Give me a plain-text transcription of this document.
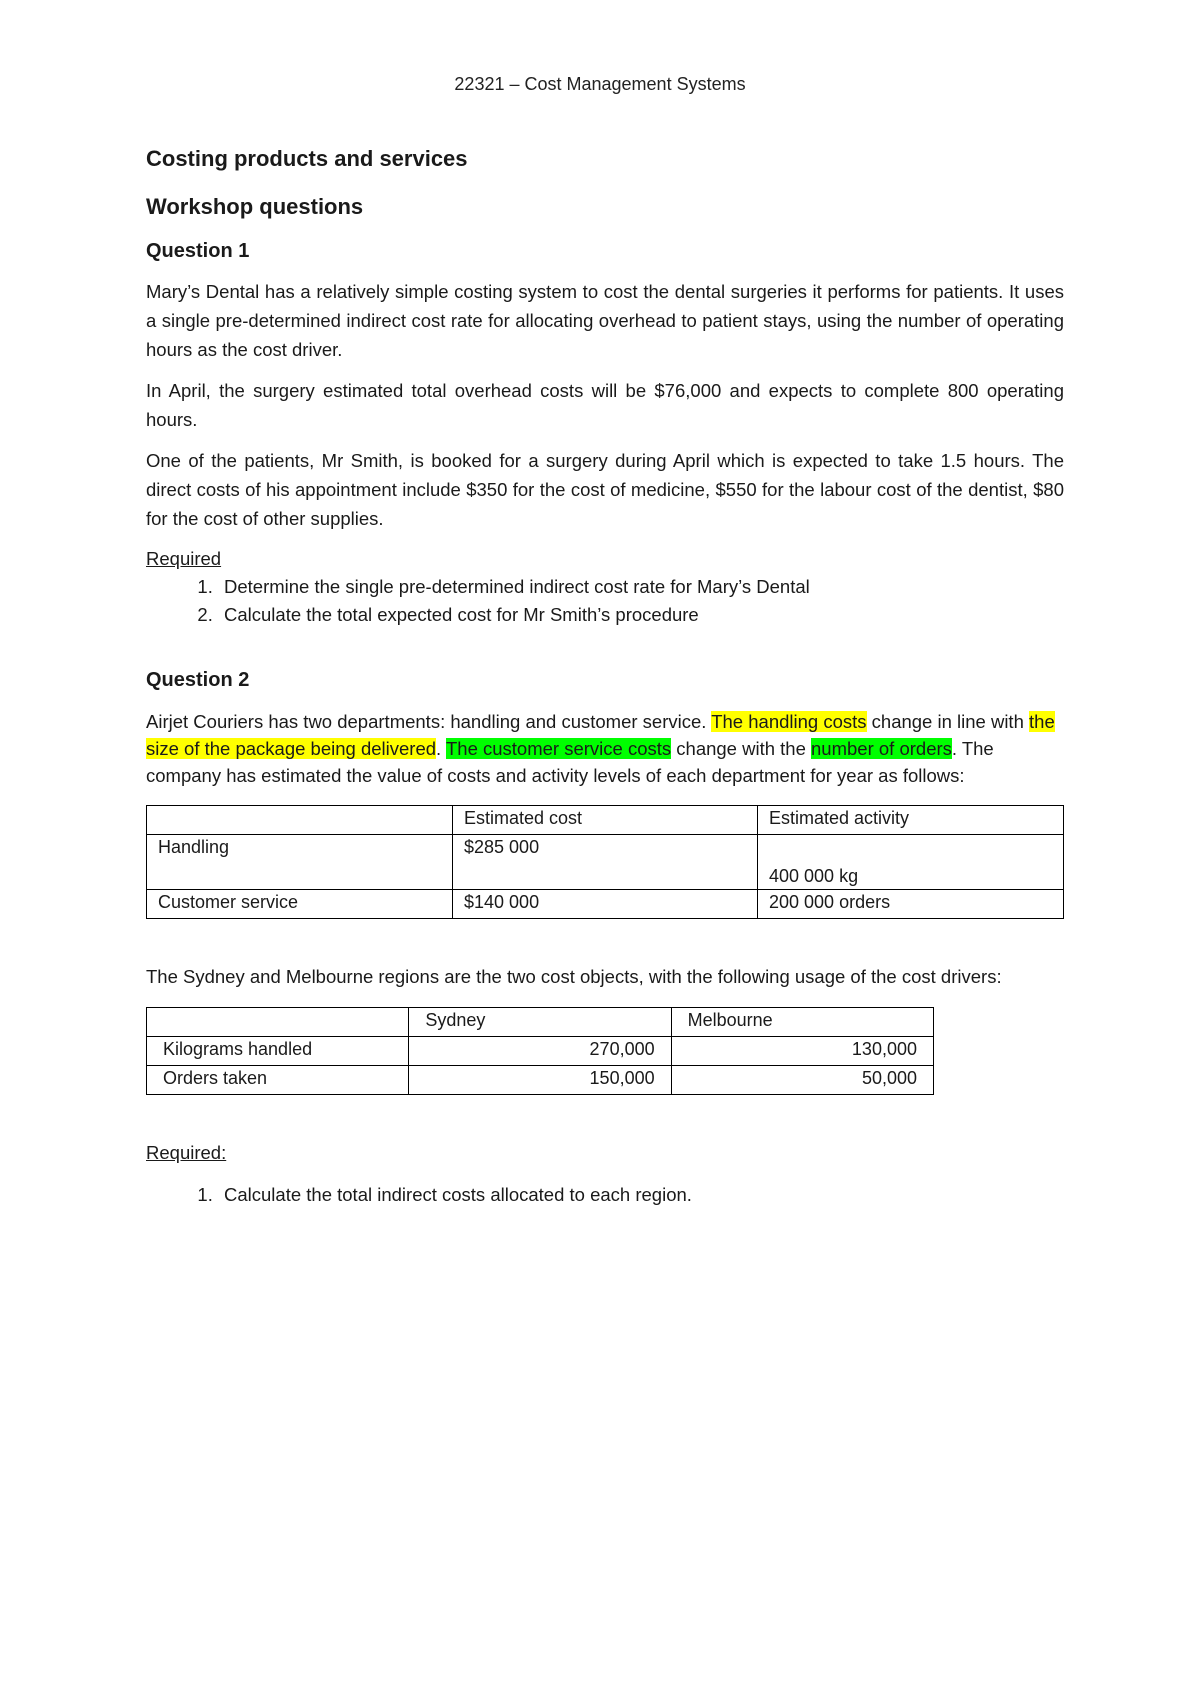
22321 – Cost Management Systems
Costing products and services
Workshop questions
Question 1

Mary’s Dental has a relatively simple costing system to cost the dental surgeries it performs for patients. It uses a single pre-determined indirect cost rate for allocating overhead to patient stays, using the number of operating hours as the cost driver.

In April, the surgery estimated total overhead costs will be $76,000 and expects to complete 800 operating hours.

One of the patients, Mr Smith, is booked for a surgery during April which is expected to take 1.5 hours. The direct costs of his appointment include $350 for the cost of medicine, $550 for the labour cost of the dentist, $80 for the cost of other supplies.

Required

1. Determine the single pre-determined indirect cost rate for Mary’s Dental
2. Calculate the total expected cost for Mr Smith’s procedure
Question 2

Airjet Couriers has two departments: handling and customer service. The handling costs change in line with the size of the package being delivered. The customer service costs change with the number of orders. The company has estimated the value of costs and activity levels of each department for year as follows:

	Estimated cost	Estimated activity
Handling	$285 000	400 000 kg
Customer service	$140 000	200 000 orders

The Sydney and Melbourne regions are the two cost objects, with the following usage of the cost drivers:

	Sydney	Melbourne
Kilograms handled	270,000	130,000
Orders taken	150,000	50,000

Required:

1. Calculate the total indirect costs allocated to each region.
